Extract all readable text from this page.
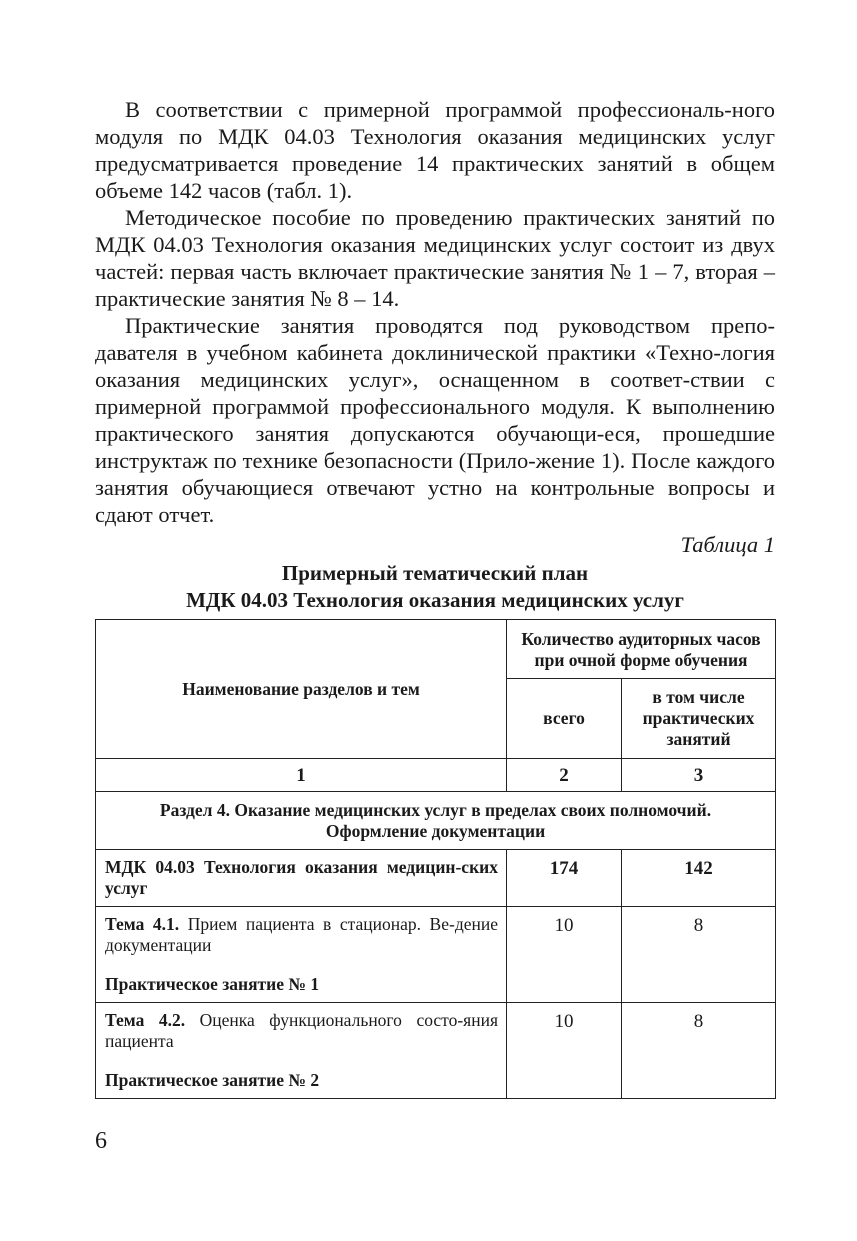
В соответствии с примерной программой профессиональ-ного модуля по МДК 04.03 Технология оказания медицинских услуг предусматривается проведение 14 практических занятий в общем объеме 142 часов (табл. 1).

Методическое пособие по проведению практических занятий по МДК 04.03 Технология оказания медицинских услуг состоит из двух частей: первая часть включает практические занятия № 1 – 7, вторая – практические занятия № 8 – 14.

Практические занятия проводятся под руководством препо-давателя в учебном кабинета доклинической практики «Техно-логия оказания медицинских услуг», оснащенном в соответ-ствии с примерной программой профессионального модуля. К выполнению практического занятия допускаются обучающи-еся, прошедшие инструктаж по технике безопасности (Прило-жение 1). После каждого занятия обучающиеся отвечают устно на контрольные вопросы и сдают отчет.

Таблица 1
Примерный тематический план
МДК 04.03 Технология оказания медицинских услуг
Наименование разделов и тем	Количество аудиторных часов при очной форме обучения	
	всего	в том числе практических занятий
1	2	3
Раздел 4. Оказание медицинских услуг в пределах своих полномочий. Оформление документации		
МДК 04.03 Технология оказания медицин-ских услуг	174	142

Тема 4.1. Прием пациента в стационар. Ве-дение документации
Практическое занятие № 1	10	8

Тема 4.2. Оценка функционального состо-яния пациента
Практическое занятие № 2	10	8
6
